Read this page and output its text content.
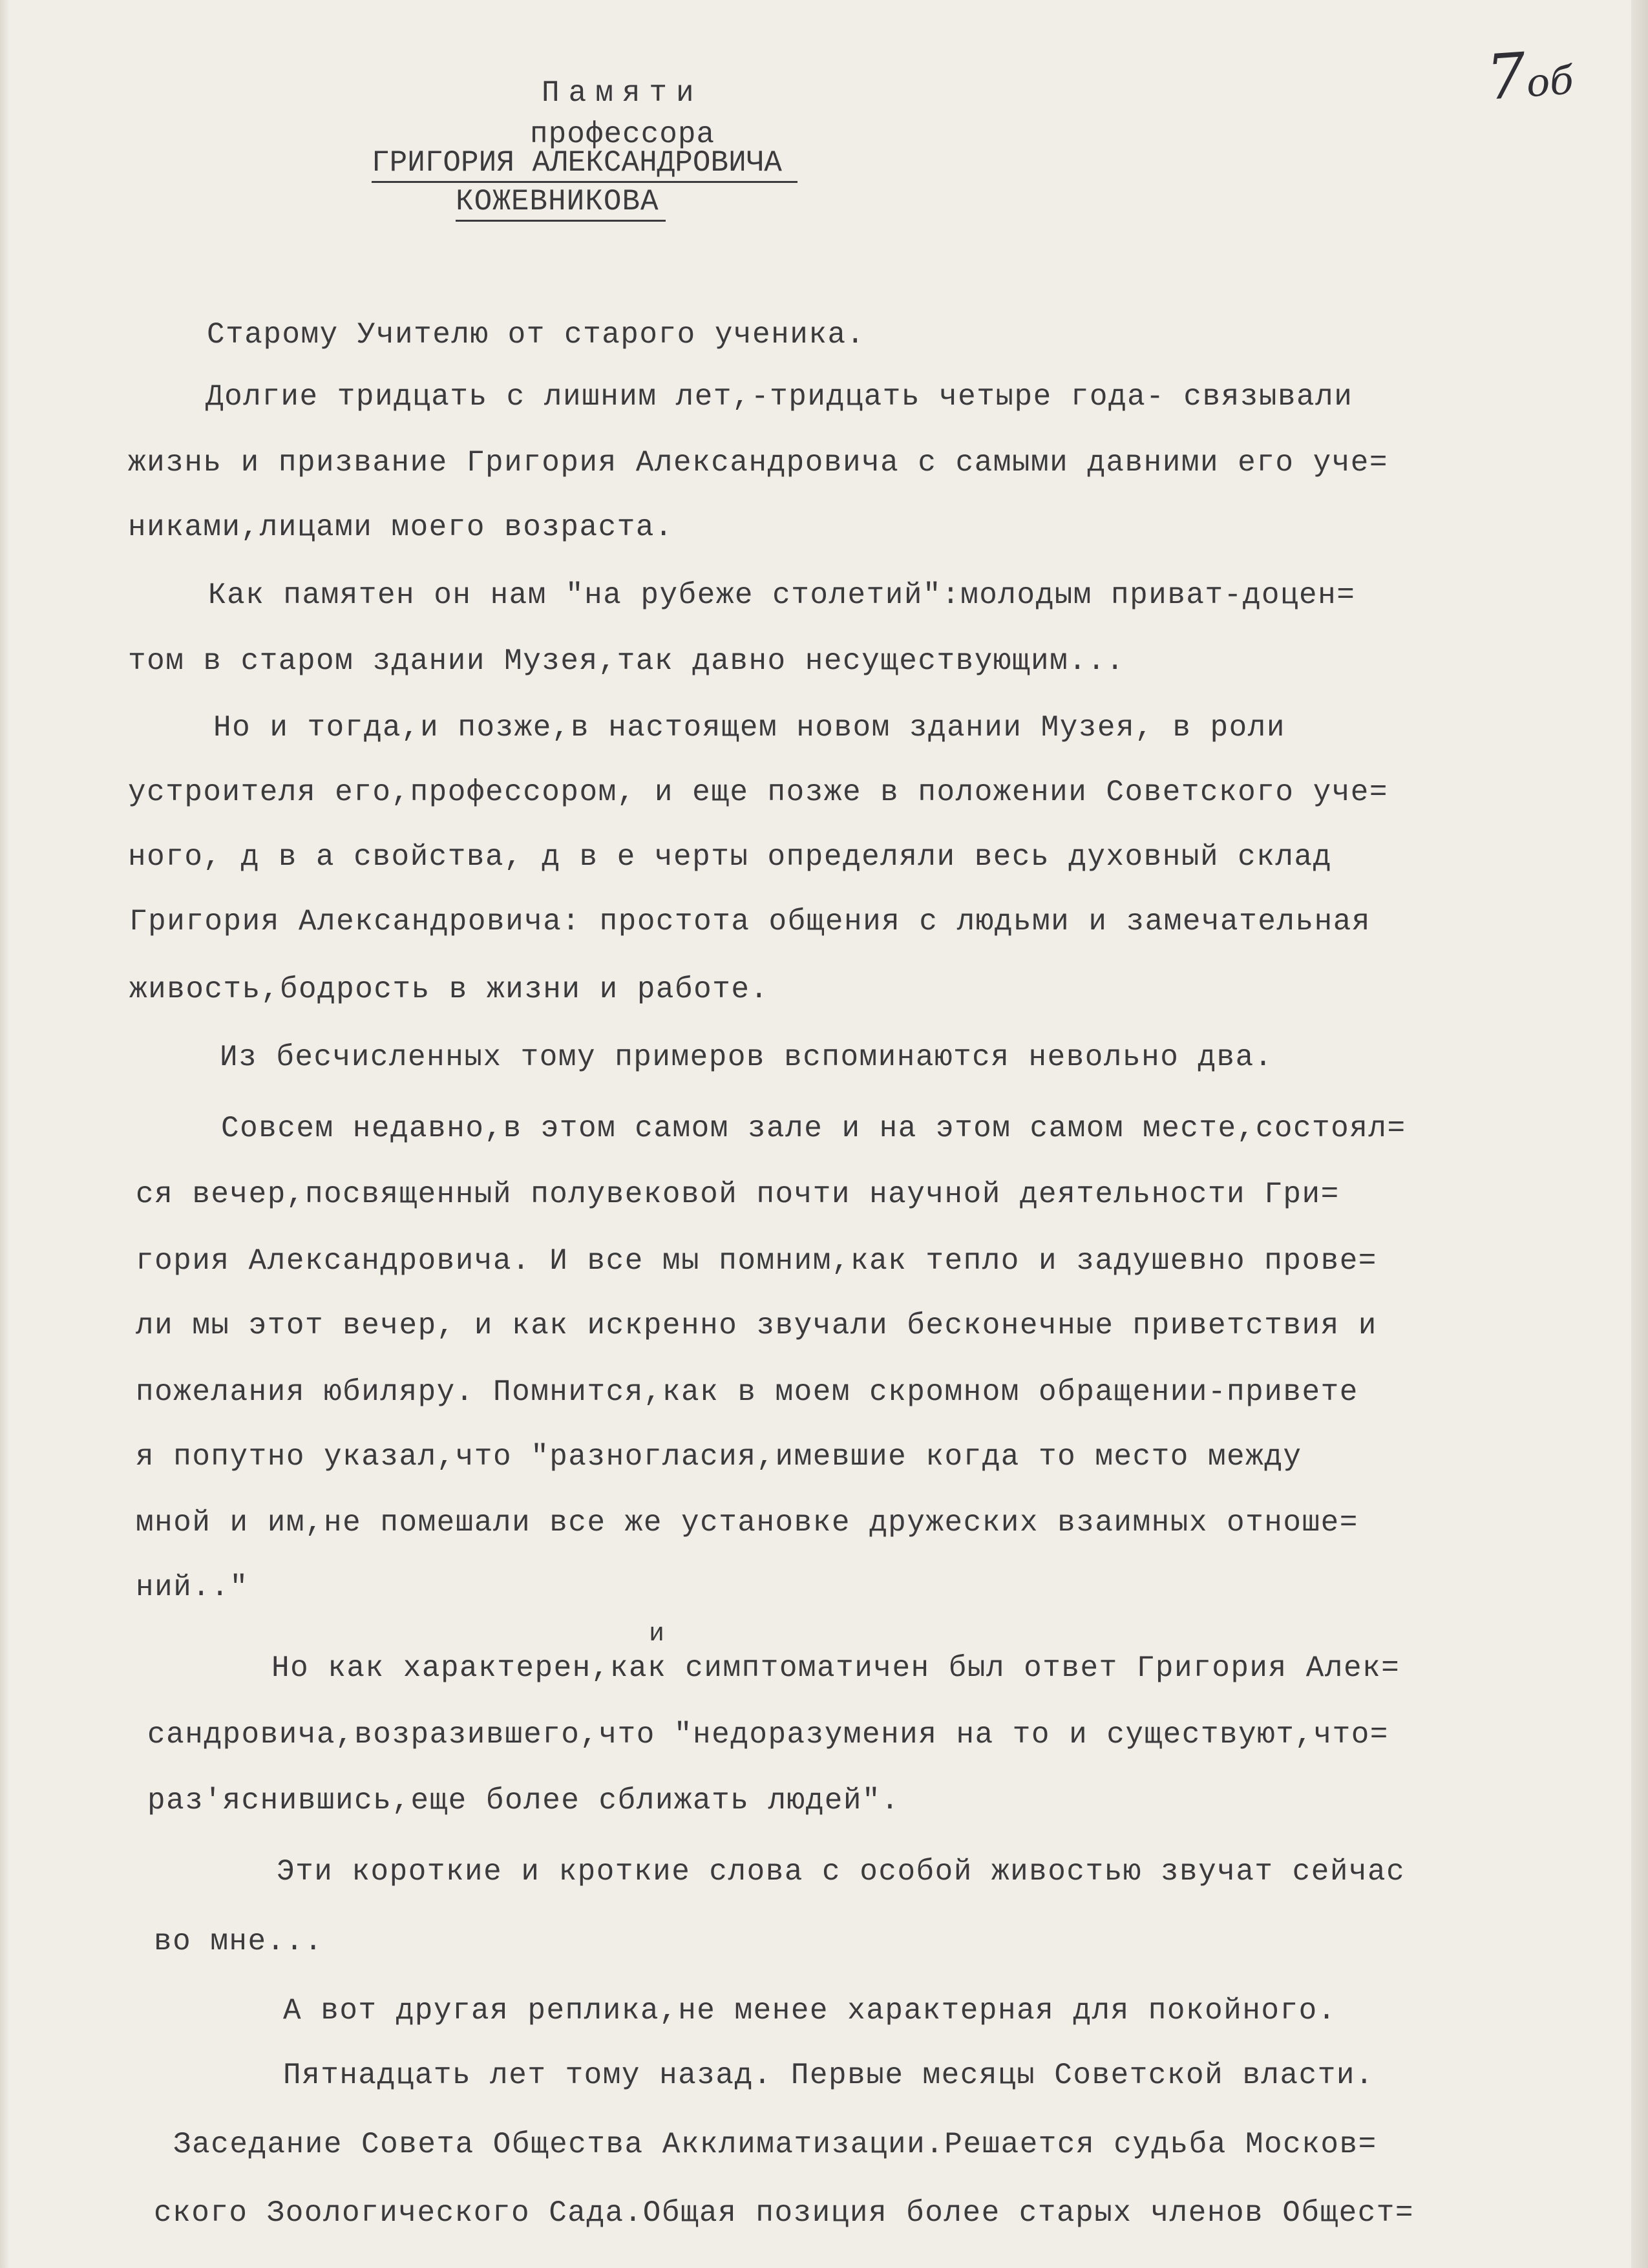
7об
Памяти
профессора
ГРИГОРИЯ АЛЕКСАНДРОВИЧА
КОЖЕВНИКОВА
Старому Учителю от старого ученика.
Долгие тридцать с лишним лет,-тридцать четыре года- связывали
жизнь и призвание Григория Александровича с самыми давними его уче=
никами,лицами моего возраста.
Как памятен он нам "на рубеже столетий":молодым приват-доцен=
том в старом здании Музея,так давно несуществующим...
Но и тогда,и позже,в настоящем новом здании Музея, в роли
устроителя его,профессором, и еще позже в положении Советского уче=
ного, д в а свойства, д в е черты определяли весь духовный склад
Григория Александровича: простота общения с людьми и замечательная
живость,бодрость в жизни и работе.
Из бесчисленных тому примеров вспоминаются невольно два.
Совсем недавно,в этом самом зале и на этом самом месте,состоял=
ся вечер,посвященный полувековой почти научной деятельности Гри=
гория Александровича. И все мы помним,как тепло и задушевно прове=
ли мы этот вечер, и как искренно звучали бесконечные приветствия и
пожелания юбиляру. Помнится,как в моем скромном обращении-привете
я попутно указал,что "разногласия,имевшие когда то место между
мной и им,не помешали все же установке дружеских взаимных отноше=
ний.."
и
Но как характерен,как симптоматичен был ответ Григория Алек=
сандровича,возразившего,что "недоразумения на то и существуют,что=
раз'яснившись,еще более сближать людей".
Эти короткие и кроткие слова с особой живостью звучат сейчас
во мне...
А вот другая реплика,не менее характерная для покойного.
Пятнадцать лет тому назад. Первые месяцы Советской власти.
Заседание Совета Общества Акклиматизации.Решается судьба Москов=
ского Зоологического Сада.Общая позиция более старых членов Общест=
